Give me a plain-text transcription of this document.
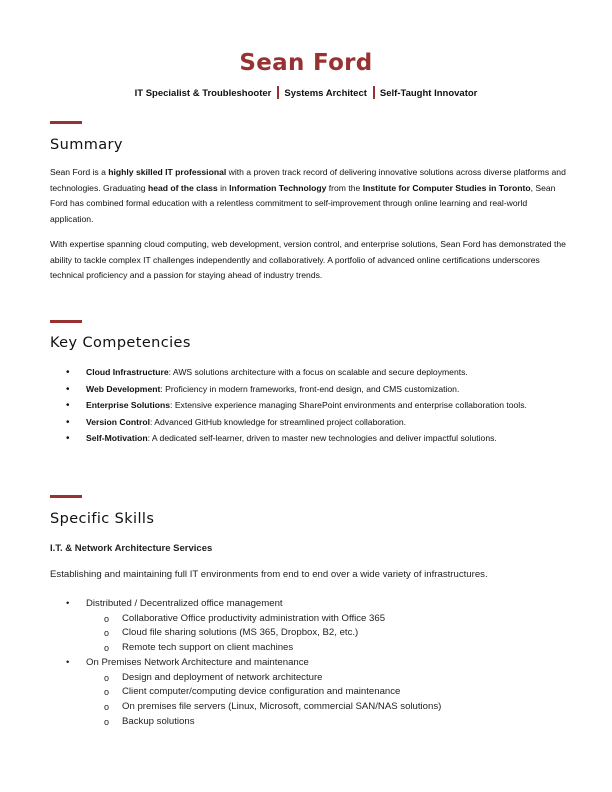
Sean Ford
IT Specialist & Troubleshooter Systems Architect Self-Taught Innovator
Summary
Sean Ford is a highly skilled IT professional with a proven track record of delivering innovative solutions across diverse platforms and technologies. Graduating head of the class in Information Technology from the Institute for Computer Studies in Toronto, Sean Ford has combined formal education with a relentless commitment to self-improvement through online learning and real-world application.
With expertise spanning cloud computing, web development, version control, and enterprise solutions, Sean Ford has demonstrated the ability to tackle complex IT challenges independently and collaboratively. A portfolio of advanced online certifications underscores technical proficiency and a passion for staying ahead of industry trends.
Key Competencies
• Cloud Infrastructure: AWS solutions architecture with a focus on scalable and secure deployments.
• Web Development: Proficiency in modern frameworks, front-end design, and CMS customization.
• Enterprise Solutions: Extensive experience managing SharePoint environments and enterprise collaboration tools.
• Version Control: Advanced GitHub knowledge for streamlined project collaboration.
• Self-Motivation: A dedicated self-learner, driven to master new technologies and deliver impactful solutions.
Specific Skills
I.T. & Network Architecture Services
Establishing and maintaining full IT environments from end to end over a wide variety of infrastructures.
• Distributed / Decentralized office management
o Collaborative Office productivity administration with Office 365
o Cloud file sharing solutions (MS 365, Dropbox, B2, etc.)
o Remote tech support on client machines
• On Premises Network Architecture and maintenance
o Design and deployment of network architecture
o Client computer/computing device configuration and maintenance
o On premises file servers (Linux, Microsoft, commercial SAN/NAS solutions)
o Backup solutions
